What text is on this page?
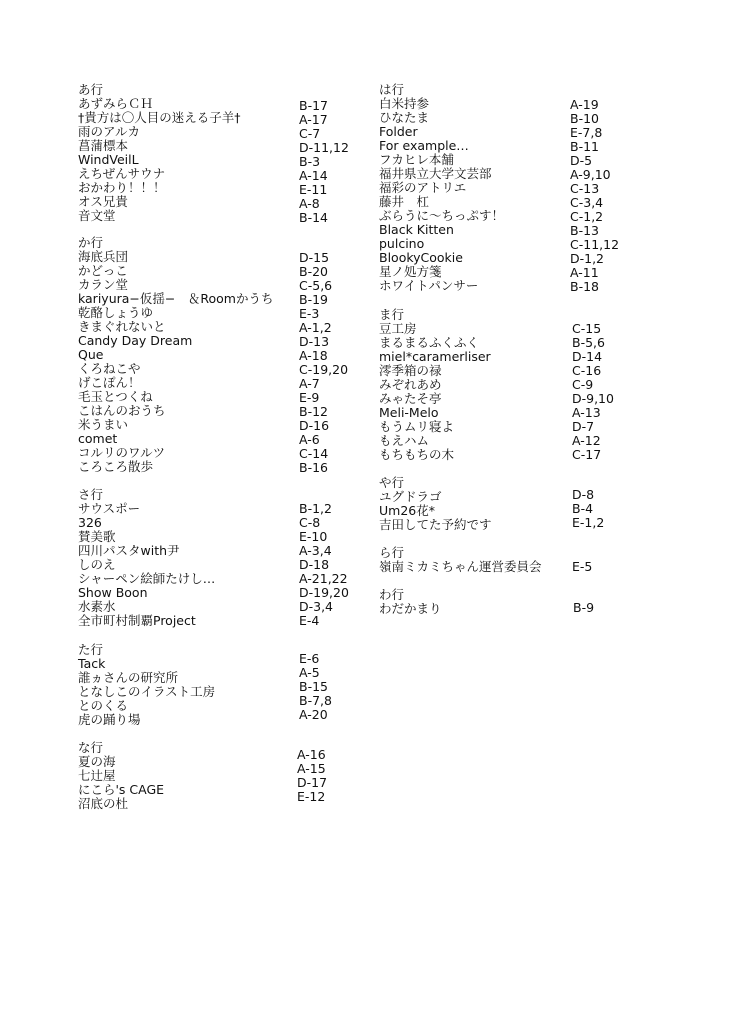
あ行
あずみらＣＨ
†貴方は〇人目の迷える子羊†
雨のアルカ
菖蒲標本
WindVeilL
えちぜんサウナ
おかわり！！！
オス兄貴
音文堂
B-17
A-17
C-7
D-11,12
B-3
A-14
E-11
A-8
B-14
か行
海底兵団
かどっこ
カラン堂
kariyura−仮揺−　＆Roomかうち
乾酪しょうゆ
きまぐれないと
Candy Day Dream
Que
くろねこや
げこぽん！
毛玉とつくね
こはんのおうち
米うまい
comet
コルリのワルツ
ころころ散歩
D-15
B-20
C-5,6
B-19
E-3
A-1,2
D-13
A-18
C-19,20
A-7
E-9
B-12
D-16
A-6
C-14
B-16
さ行
サウスポー
326
賛美歌
四川パスタwith尹
しのえ
シャーペン絵師たけし…
Show Boon
水素水
全市町村制覇Project
B-1,2
C-8
E-10
A-3,4
D-18
A-21,22
D-19,20
D-3,4
E-4
た行
Tack
誰ヵさんの研究所
となしこのイラスト工房
とのくる
虎の踊り場
E-6
A-5
B-15
B-7,8
A-20
な行
夏の海
七辻屋
にこら's CAGE
沼底の杜
A-16
A-15
D-17
E-12
は行
白米持参
ひなたま
Folder
For example…
フカヒレ本舗
福井県立大学文芸部
福彩のアトリエ
藤井　杠
ぶらうに〜ちっぷす！
Black Kitten
pulcino
BlookyCookie
星ノ処方箋
ホワイトパンサー
A-19
B-10
E-7,8
B-11
D-5
A-9,10
C-13
C-3,4
C-1,2
B-13
C-11,12
D-1,2
A-11
B-18
ま行
豆工房
まるまるふくふく
miel*caramerliser
澪季箱の禄
みぞれあめ
みゃたそ亭
Meli-Melo
もうムリ寝よ
もえハム
もちもちの木
C-15
B-5,6
D-14
C-16
C-9
D-9,10
A-13
D-7
A-12
C-17
や行
ユグドラゴ
Um26花*
吉田してた予約です
D-8
B-4
E-1,2
ら行
嶺南ミカミちゃん運営委員会 E-5
わ行
わだかまり	B-9
